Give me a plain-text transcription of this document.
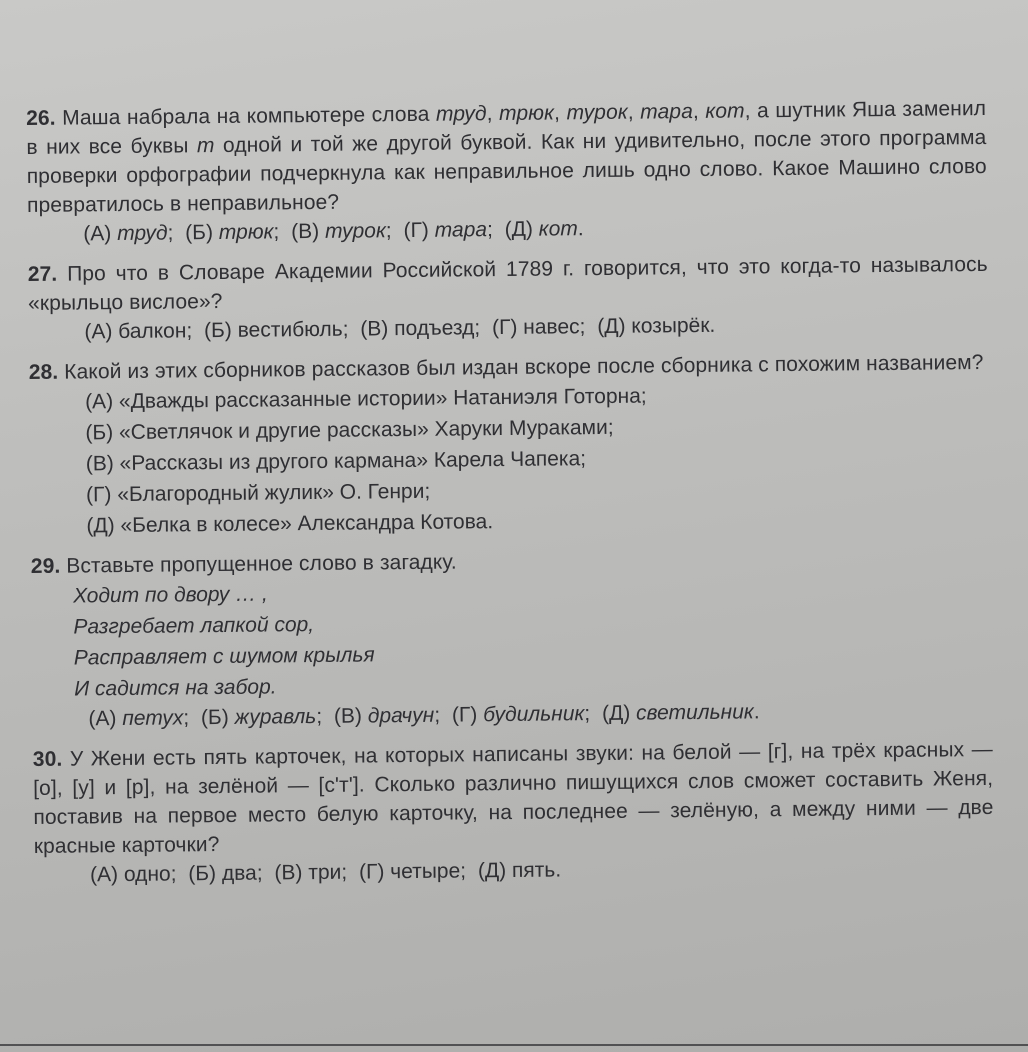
26. Маша набрала на компьютере слова труд, трюк, турок, тара, кот, а шутник Яша заменил в них все буквы т одной и той же другой буквой. Как ни удивительно, после этого программа проверки орфографии подчеркнула как неправильное лишь одно слово. Какое Машино слово превратилось в неправильное?
(А) труд; (Б) трюк; (В) турок; (Г) тара; (Д) кот.
27. Про что в Словаре Академии Российской 1789 г. говорится, что это когда-то называлось «крыльцо вислое»?
(А) балкон; (Б) вестибюль; (В) подъезд; (Г) навес; (Д) козырёк.
28. Какой из этих сборников рассказов был издан вскоре после сборника с похожим названием?
(А) «Дважды рассказанные истории» Натаниэля Готорна;
(Б) «Светлячок и другие рассказы» Харуки Мураками;
(В) «Рассказы из другого кармана» Карела Чапека;
(Г) «Благородный жулик» О. Генри;
(Д) «Белка в колесе» Александра Котова.
29. Вставьте пропущенное слово в загадку.
Ходит по двору … ,
Разгребает лапкой сор,
Расправляет с шумом крылья
И садится на забор.
(А) петух; (Б) журавль; (В) драчун; (Г) будильник; (Д) светильник.
30. У Жени есть пять карточек, на которых написаны звуки: на белой — [г], на трёх красных — [о], [у] и [р], на зелёной — [с'т']. Сколько различно пишущихся слов сможет составить Женя, поставив на первое место белую карточку, на последнее — зелёную, а между ними — две красные карточки?
(А) одно; (Б) два; (В) три; (Г) четыре; (Д) пять.
